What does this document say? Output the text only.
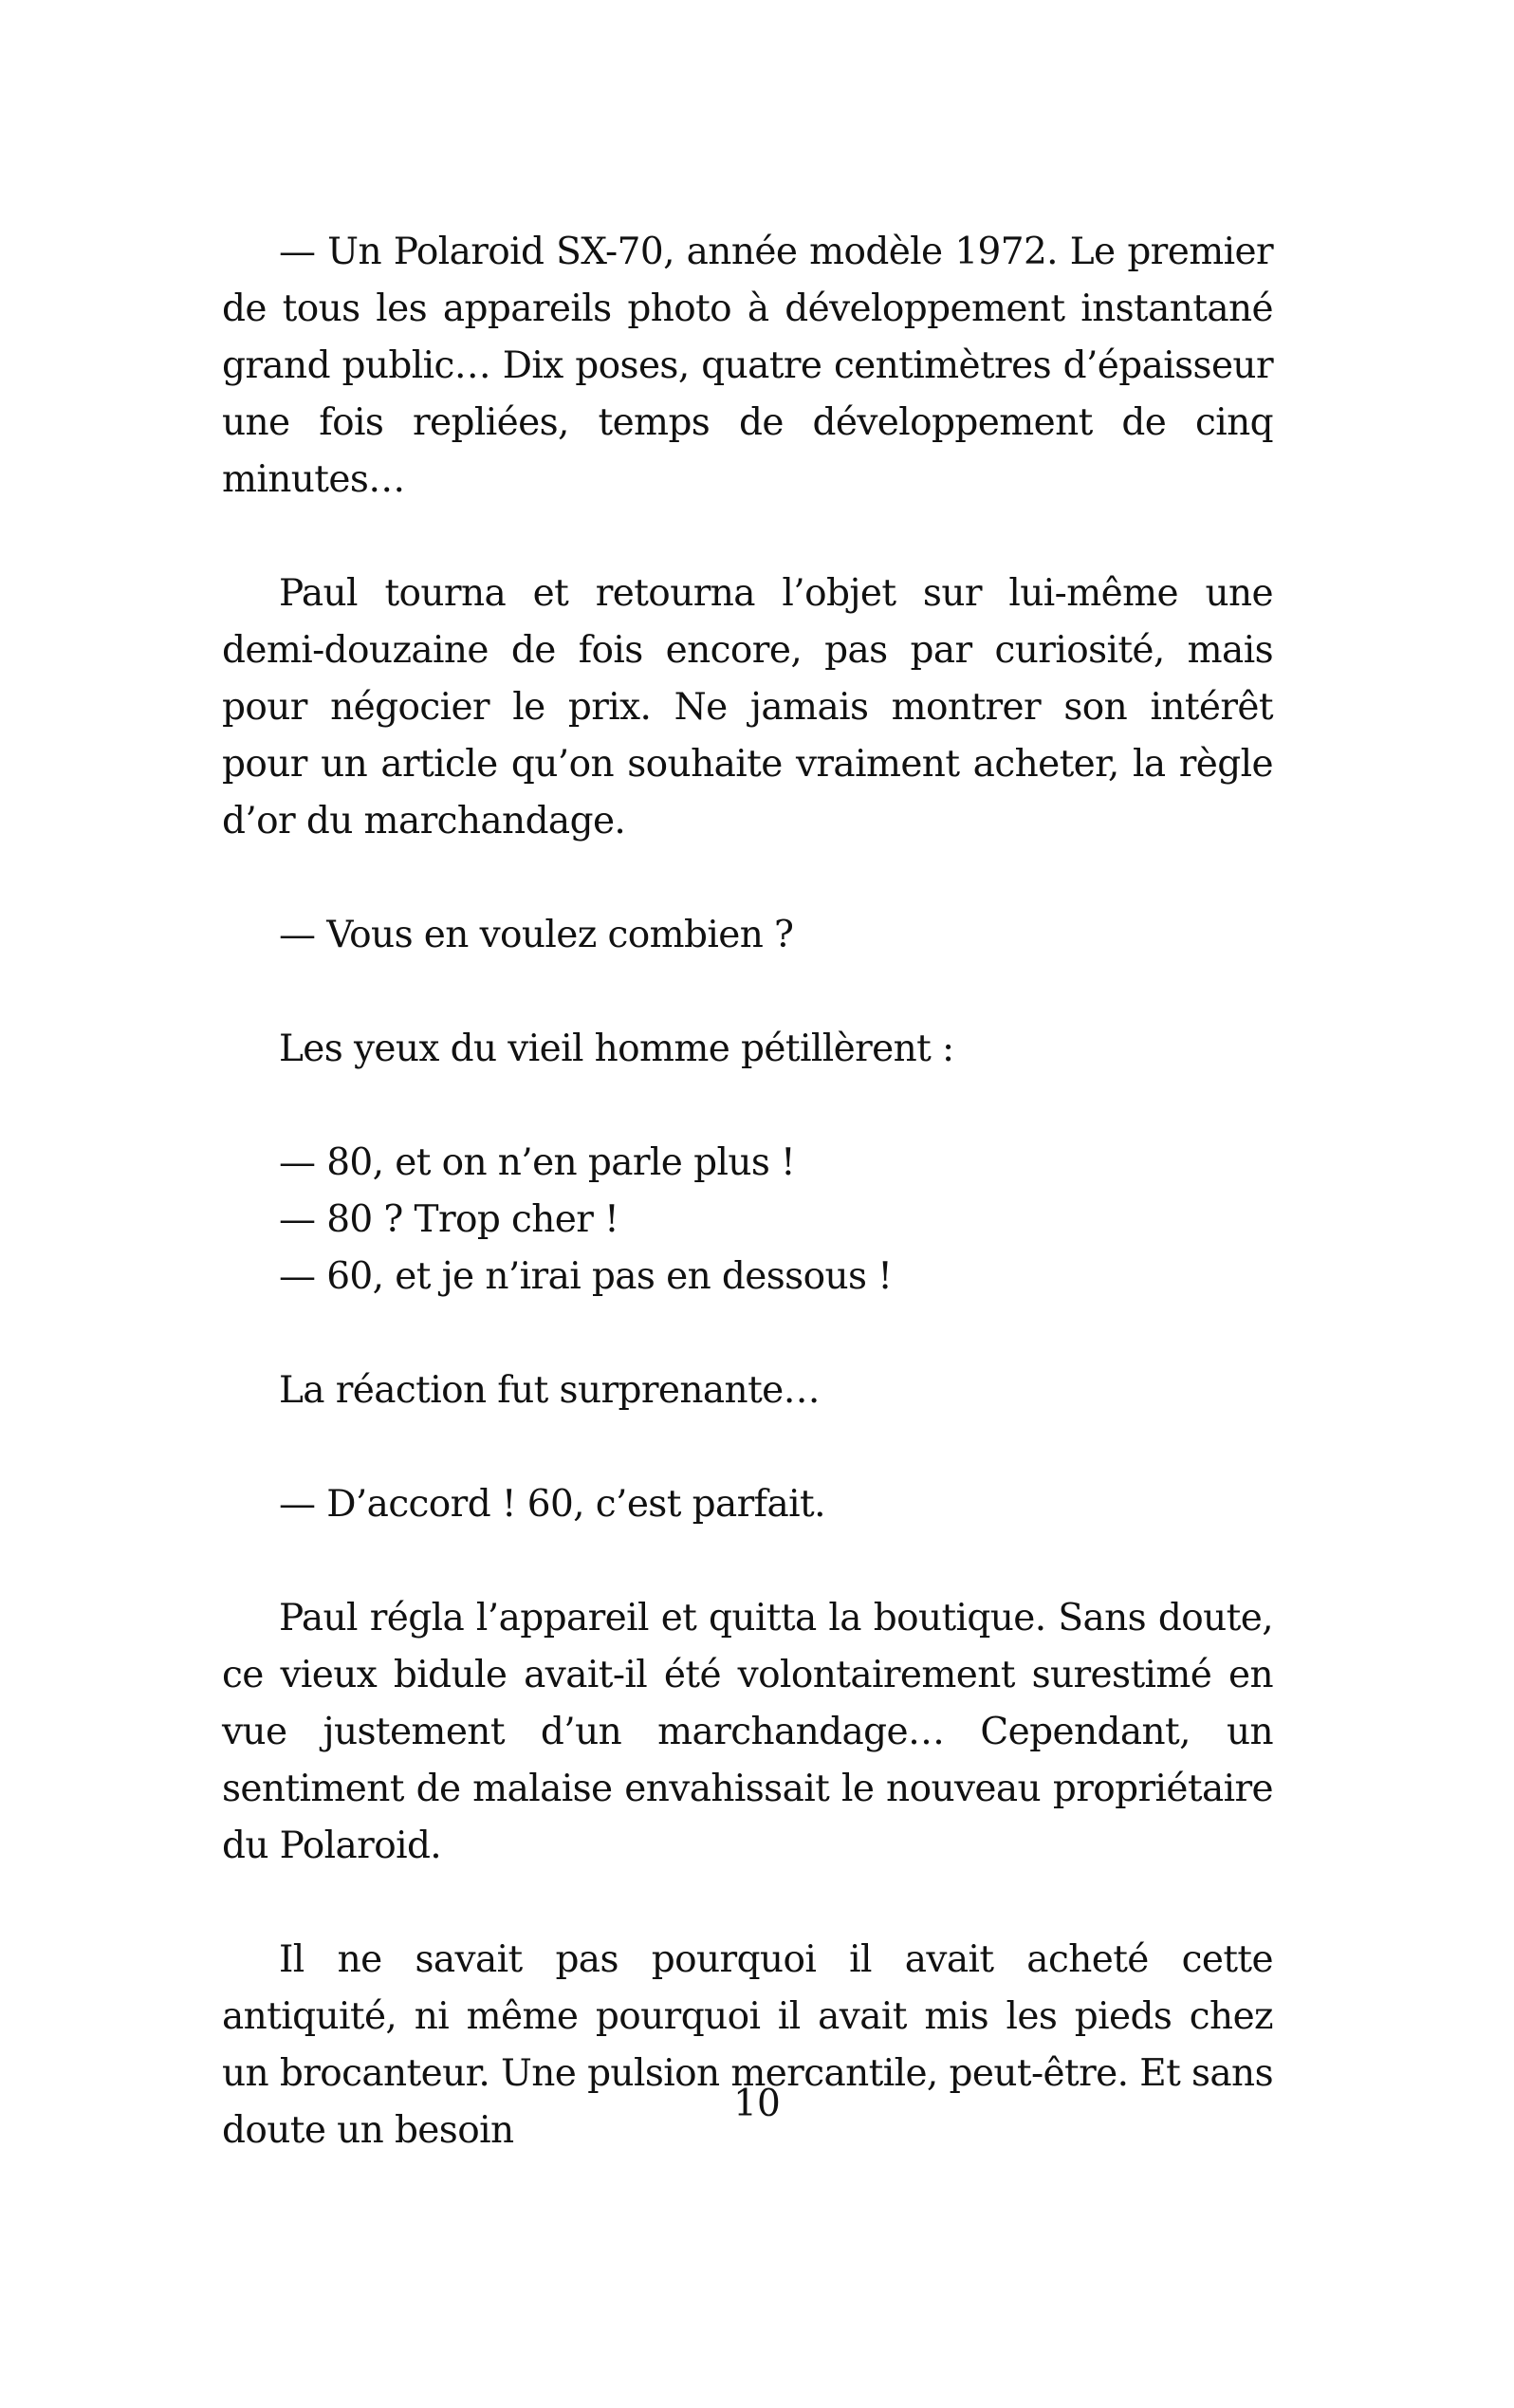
— Un Polaroid SX-70, année modèle 1972. Le premier de tous les appareils photo à développement instantané grand public… Dix poses, quatre centimètres d’épaisseur une fois repliées, temps de développement de cinq minutes…

Paul tourna et retourna l’objet sur lui-même une demi-douzaine de fois encore, pas par curiosité, mais pour négocier le prix. Ne jamais montrer son intérêt pour un article qu’on souhaite vraiment acheter, la règle d’or du marchandage.

— Vous en voulez combien ?

Les yeux du vieil homme pétillèrent :

— 80, et on n’en parle plus !
— 80 ? Trop cher !
— 60, et je n’irai pas en dessous !

La réaction fut surprenante…

— D’accord ! 60, c’est parfait.

Paul régla l’appareil et quitta la boutique. Sans doute, ce vieux bidule avait-il été volontairement surestimé en vue justement d’un marchandage… Cependant, un sentiment de malaise envahissait le nouveau propriétaire du Polaroid.

Il ne savait pas pourquoi il avait acheté cette antiquité, ni même pourquoi il avait mis les pieds chez un brocanteur. Une pulsion mercantile, peut-être. Et sans doute un besoin

10
